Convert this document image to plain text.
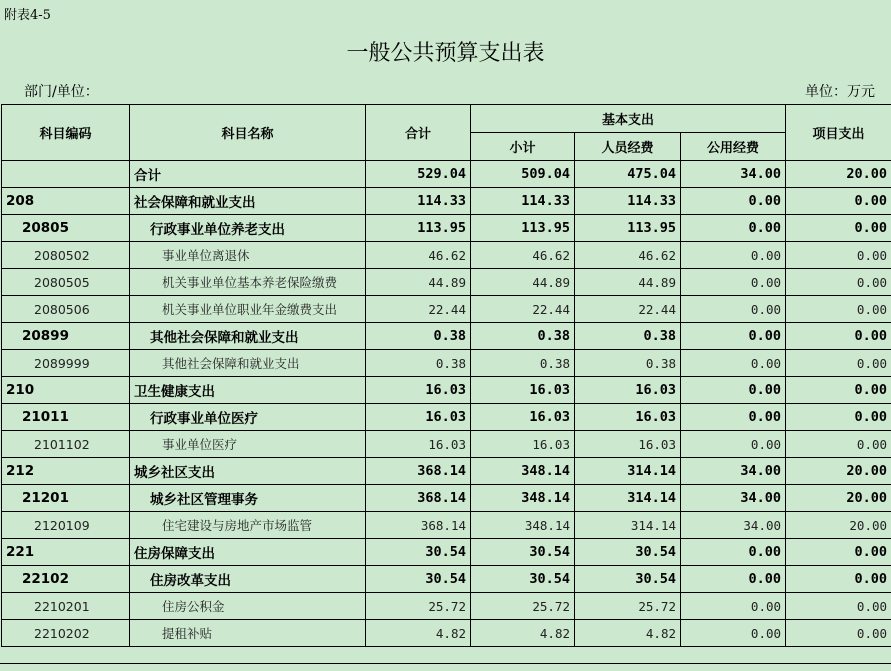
附表4-5
一般公共预算支出表
部门/单位：	单位：万元
科目编码	科目名称	合计	基本支出			项目支出
			小计	人员经费	公用经费	
	合计	529.04	509.04	475.04	34.00	20.00
208	社会保障和就业支出	114.33	114.33	114.33	0.00	0.00
20805	行政事业单位养老支出	113.95	113.95	113.95	0.00	0.00
2080502	事业单位离退休	46.62	46.62	46.62	0.00	0.00
2080505	机关事业单位基本养老保险缴费	44.89	44.89	44.89	0.00	0.00
2080506	机关事业单位职业年金缴费支出	22.44	22.44	22.44	0.00	0.00
20899	其他社会保障和就业支出	0.38	0.38	0.38	0.00	0.00
2089999	其他社会保障和就业支出	0.38	0.38	0.38	0.00	0.00
210	卫生健康支出	16.03	16.03	16.03	0.00	0.00
21011	行政事业单位医疗	16.03	16.03	16.03	0.00	0.00
2101102	事业单位医疗	16.03	16.03	16.03	0.00	0.00
212	城乡社区支出	368.14	348.14	314.14	34.00	20.00
21201	城乡社区管理事务	368.14	348.14	314.14	34.00	20.00
2120109	住宅建设与房地产市场监管	368.14	348.14	314.14	34.00	20.00
221	住房保障支出	30.54	30.54	30.54	0.00	0.00
22102	住房改革支出	30.54	30.54	30.54	0.00	0.00
2210201	住房公积金	25.72	25.72	25.72	0.00	0.00
2210202	提租补贴	4.82	4.82	4.82	0.00	0.00
